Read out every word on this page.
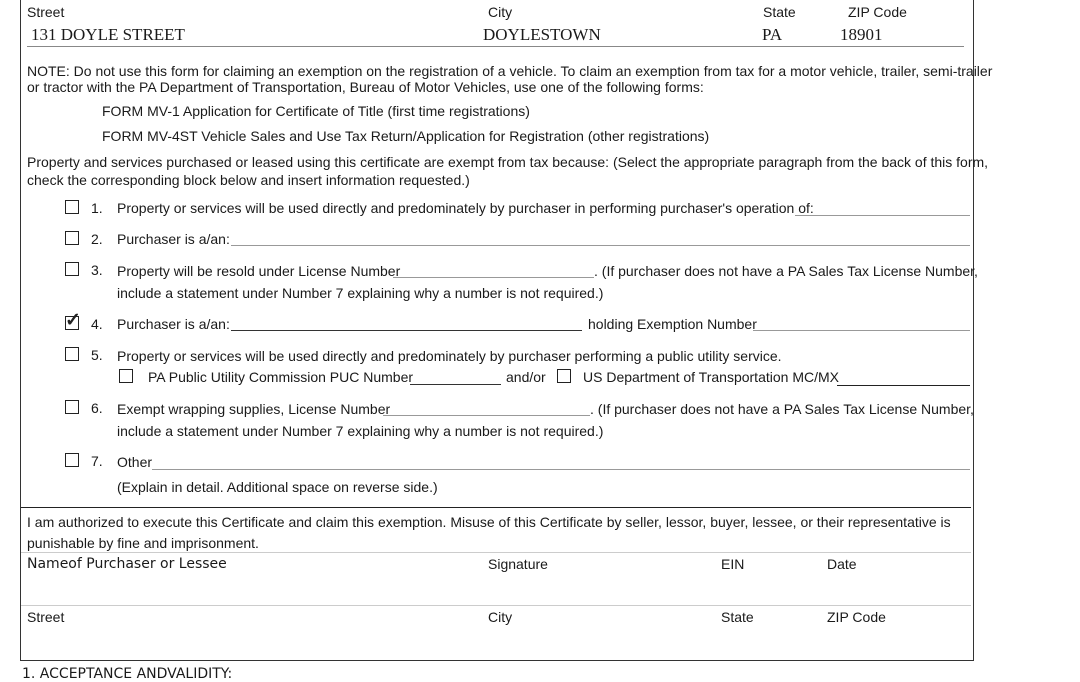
Street
131 DOYLE STREET
City
DOYLESTOWN
State
PA
ZIP Code
18901
NOTE: Do not use this form for claiming an exemption on the registration of a vehicle. To claim an exemption from tax for a motor vehicle, trailer, semi-trailer
or tractor with the PA Department of Transportation, Bureau of Motor Vehicles, use one of the following forms:
FORM MV-1 Application for Certificate of Title (first time registrations)
FORM MV-4ST Vehicle Sales and Use Tax Return/Application for Registration (other registrations)
Property and services purchased or leased using this certificate are exempt from tax because: (Select the appropriate paragraph from the back of this form,
check the corresponding block below and insert information requested.)
1. Property or services will be used directly and predominately by purchaser in performing purchaser's operation of:
2. Purchaser is a/an:
3. Property will be resold under License Number	. (If purchaser does not have a PA Sales Tax License Number,
include a statement under Number 7 explaining why a number is not required.)
✓ 4. Purchaser is a/an:	holding Exemption Number
5. Property or services will be used directly and predominately by purchaser performing a public utility service.
PA Public Utility Commission PUC Number	and/or	US Department of Transportation MC/MX
6. Exempt wrapping supplies, License Number	. (If purchaser does not have a PA Sales Tax License Number,
include a statement under Number 7 explaining why a number is not required.)
7. Other
(Explain in detail. Additional space on reverse side.)
I am authorized to execute this Certificate and claim this exemption. Misuse of this Certificate by seller, lessor, buyer, lessee, or their representative is
punishable by fine and imprisonment.
Nameof Purchaser or Lessee	Signature	EIN	Date
Street	City	State	ZIP Code
1. ACCEPTANCE ANDVALIDITY:
